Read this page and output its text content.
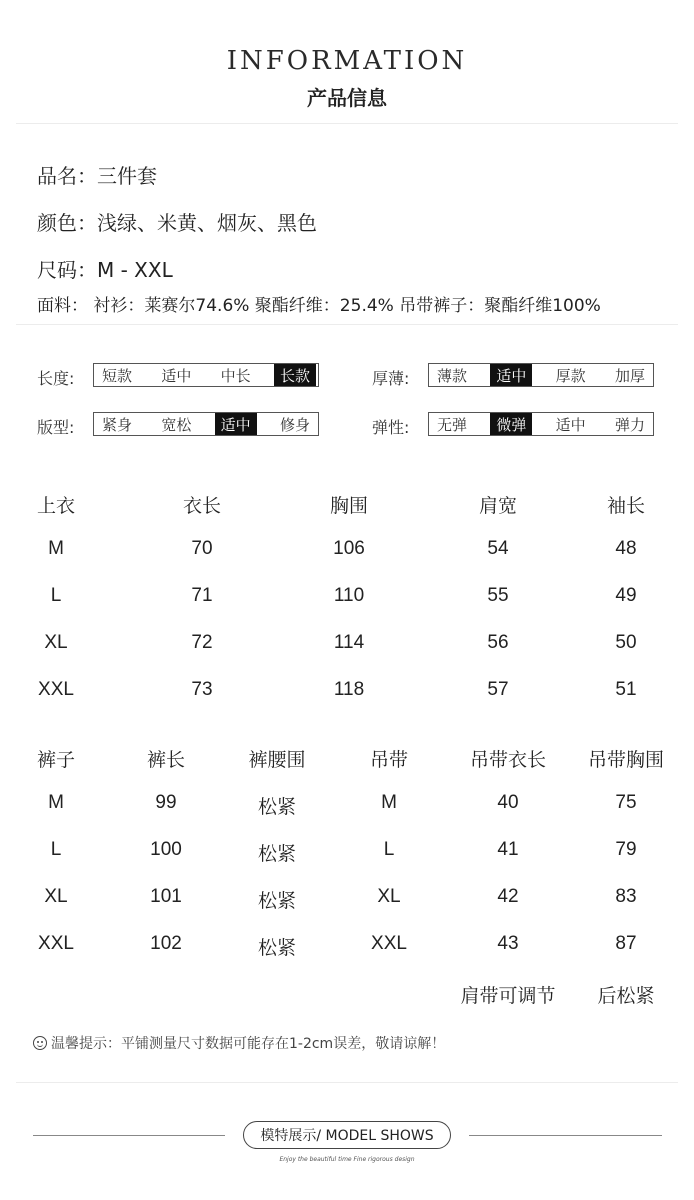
INFORMATION
产品信息
品名：三件套
颜色：浅绿、米黄、烟灰、黑色
尺码：M - XXL
面料： 衬衫：莱赛尔74.6% 聚酯纤维：25.4% 吊带裤子：聚酯纤维100%
长度:	短款	适中	中长	长款	厚薄:	薄款	适中	厚款	加厚
版型:	紧身	宽松	适中	修身	弹性:	无弹	微弹	适中	弹力
上衣	衣长	胸围	肩宽	袖长
M	70	106	54	48
L	71	110	55	49
XL	72	114	56	50
XXL	73	118	57	51
裤子	裤长	裤腰围	吊带	吊带衣长	吊带胸围
M	99	松紧	M	40	75
L	100	松紧	L	41	79
XL	101	松紧	XL	42	83
XXL	102	松紧	XXL	43	87
肩带可调节	后松紧
温馨提示：平铺测量尺寸数据可能存在1-2cm误差，敬请谅解！
模特展示/ MODEL SHOWS
Enjoy the beautiful time Fine rigorous design
